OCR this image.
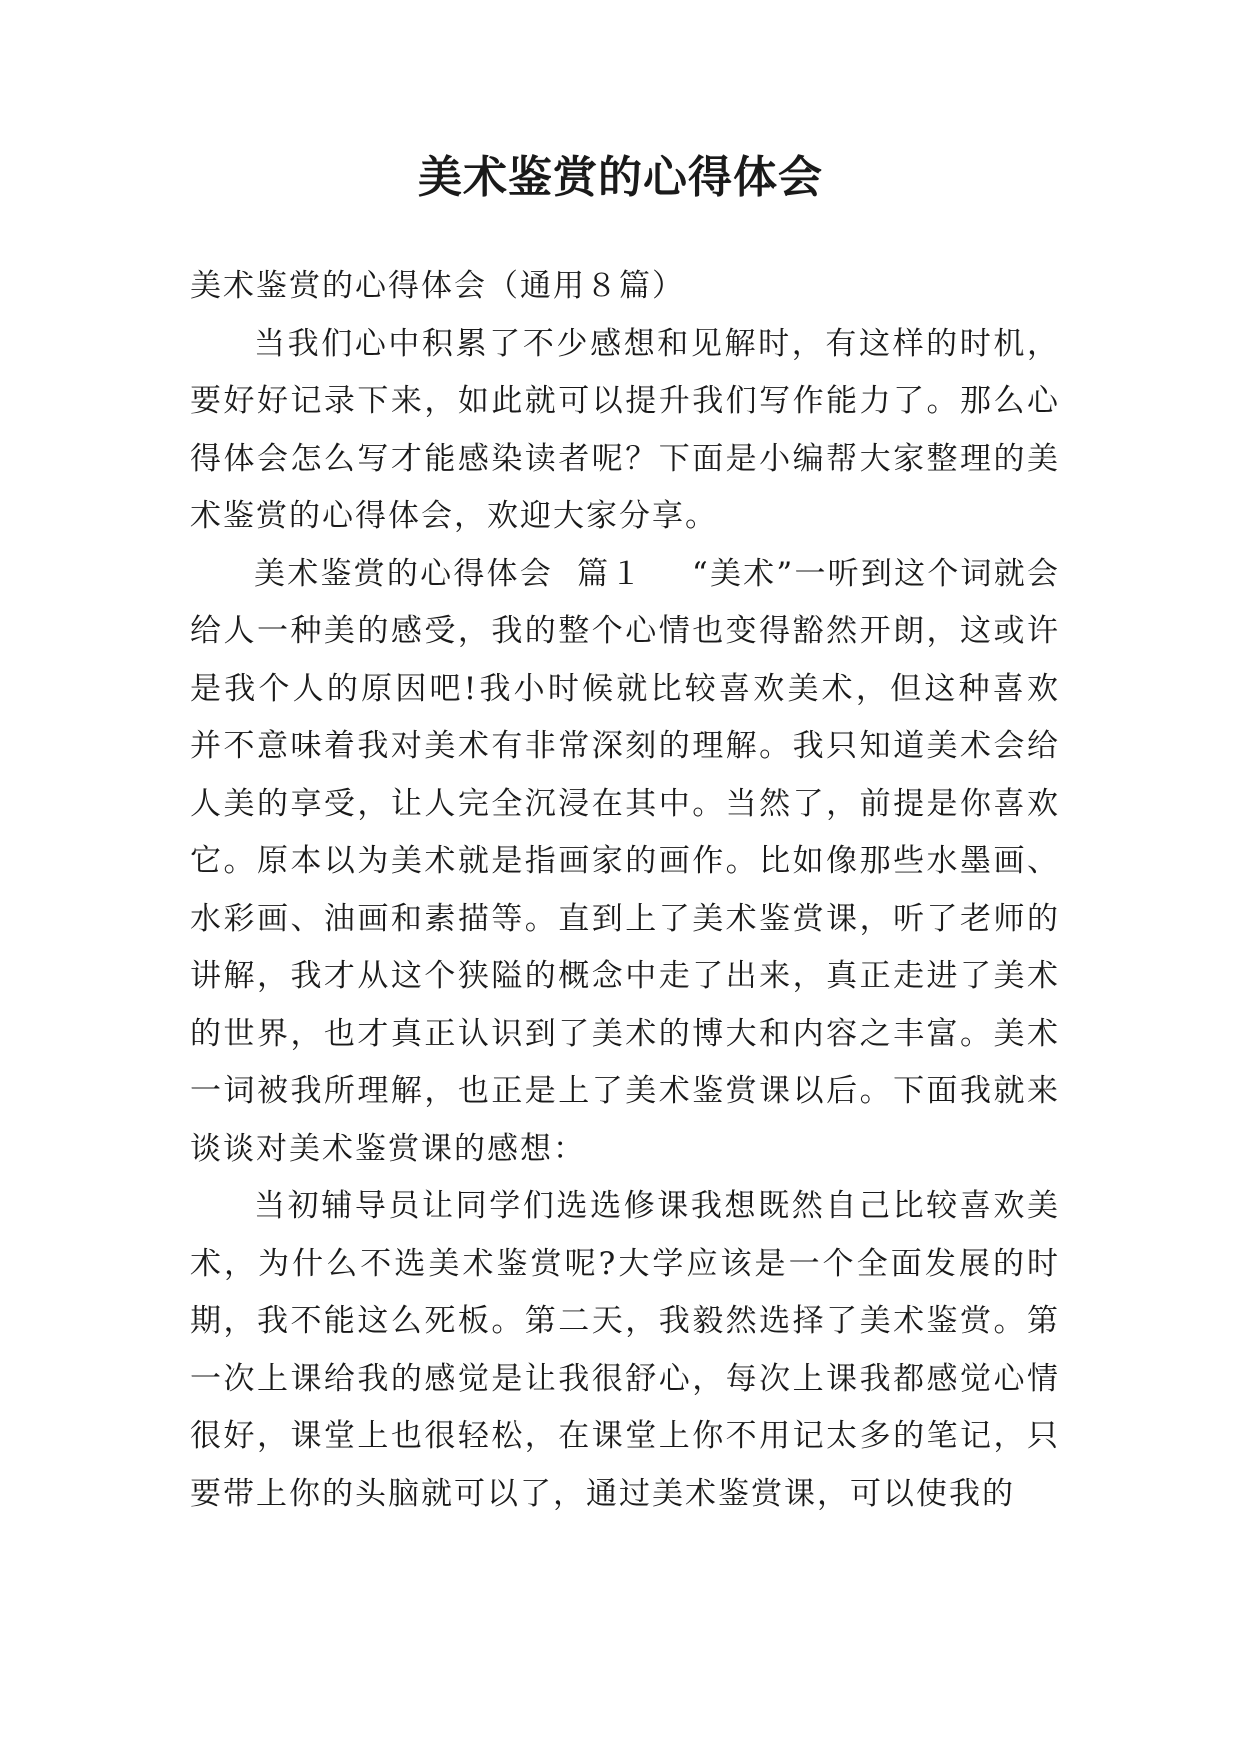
美术鉴赏的心得体会

美术鉴赏的心得体会（通用８篇）

当我们心中积累了不少感想和见解时，有这样的时机，要好好记录下来，如此就可以提升我们写作能力了。那么心得体会怎么写才能感染读者呢？下面是小编帮大家整理的美术鉴赏的心得体会，欢迎大家分享。

美术鉴赏的心得体会  篇１    “美术”一听到这个词就会给人一种美的感受，我的整个心情也变得豁然开朗，这或许是我个人的原因吧!我小时候就比较喜欢美术，但这种喜欢并不意味着我对美术有非常深刻的理解。我只知道美术会给人美的享受，让人完全沉浸在其中。当然了，前提是你喜欢它。原本以为美术就是指画家的画作。比如像那些水墨画、水彩画、油画和素描等。直到上了美术鉴赏课，听了老师的讲解，我才从这个狭隘的概念中走了出来，真正走进了美术的世界，也才真正认识到了美术的博大和内容之丰富。美术一词被我所理解，也正是上了美术鉴赏课以后。下面我就来谈谈对美术鉴赏课的感想：

当初辅导员让同学们选选修课我想既然自己比较喜欢美术，为什么不选美术鉴赏呢?大学应该是一个全面发展的时期，我不能这么死板。第二天，我毅然选择了美术鉴赏。第一次上课给我的感觉是让我很舒心，每次上课我都感觉心情很好，课堂上也很轻松，在课堂上你不用记太多的笔记，只要带上你的头脑就可以了，通过美术鉴赏课，可以使我的
